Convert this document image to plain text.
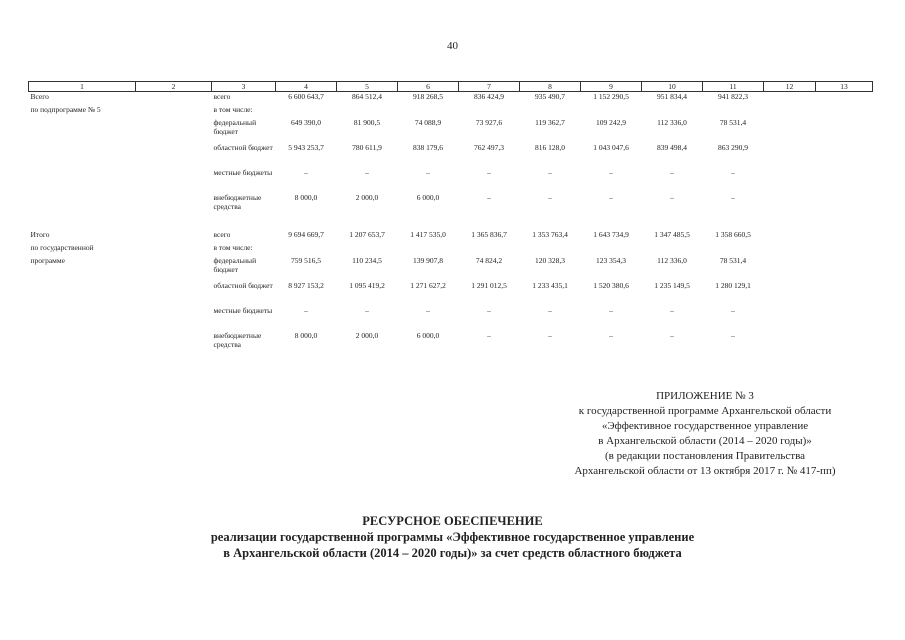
40
1	2	3	4	5	6	7	8	9	10	11	12	13
Всего		всего	6 600 643,7	864 512,4	918 268,5	836 424,9	935 490,7	1 152 290,5	951 834,4	941 822,3		
по подпрограмме № 5		в том числе:										
		федеральный бюджет	649 390,0	81 900,5	74 088,9	73 927,6	119 362,7	109 242,9	112 336,0	78 531,4		
		областной бюджет	5 943 253,7	780 611,9	838 179,6	762 497,3	816 128,0	1 043 047,6	839 498,4	863 290,9		
		местные бюджеты	–	–	–	–	–	–	–	–		
		внебюджетные средства	8 000,0	2 000,0	6 000,0	–	–	–	–	–		

Итого		всего	9 694 669,7	1 207 653,7	1 417 535,0	1 365 836,7	1 353 763,4	1 643 734,9	1 347 485,5	1 358 660,5		
по государственной		в том числе:										
программе		федеральный бюджет	759 516,5	110 234,5	139 907,8	74 824,2	120 328,3	123 354,3	112 336,0	78 531,4		
		областной бюджет	8 927 153,2	1 095 419,2	1 271 627,2	1 291 012,5	1 233 435,1	1 520 380,6	1 235 149,5	1 280 129,1		
		местные бюджеты	–	–	–	–	–	–	–	–		
		внебюджетные средства	8 000,0	2 000,0	6 000,0	–	–	–	–	–		
ПРИЛОЖЕНИЕ № 3
к государственной программе Архангельской области
«Эффективное государственное управление
в Архангельской области (2014 – 2020 годы)»
(в редакции постановления Правительства
Архангельской области от 13 октября 2017 г. № 417-пп)
РЕСУРСНОЕ ОБЕСПЕЧЕНИЕ
реализации государственной программы «Эффективное государственное управление
в Архангельской области (2014 – 2020 годы)» за счет средств областного бюджета
